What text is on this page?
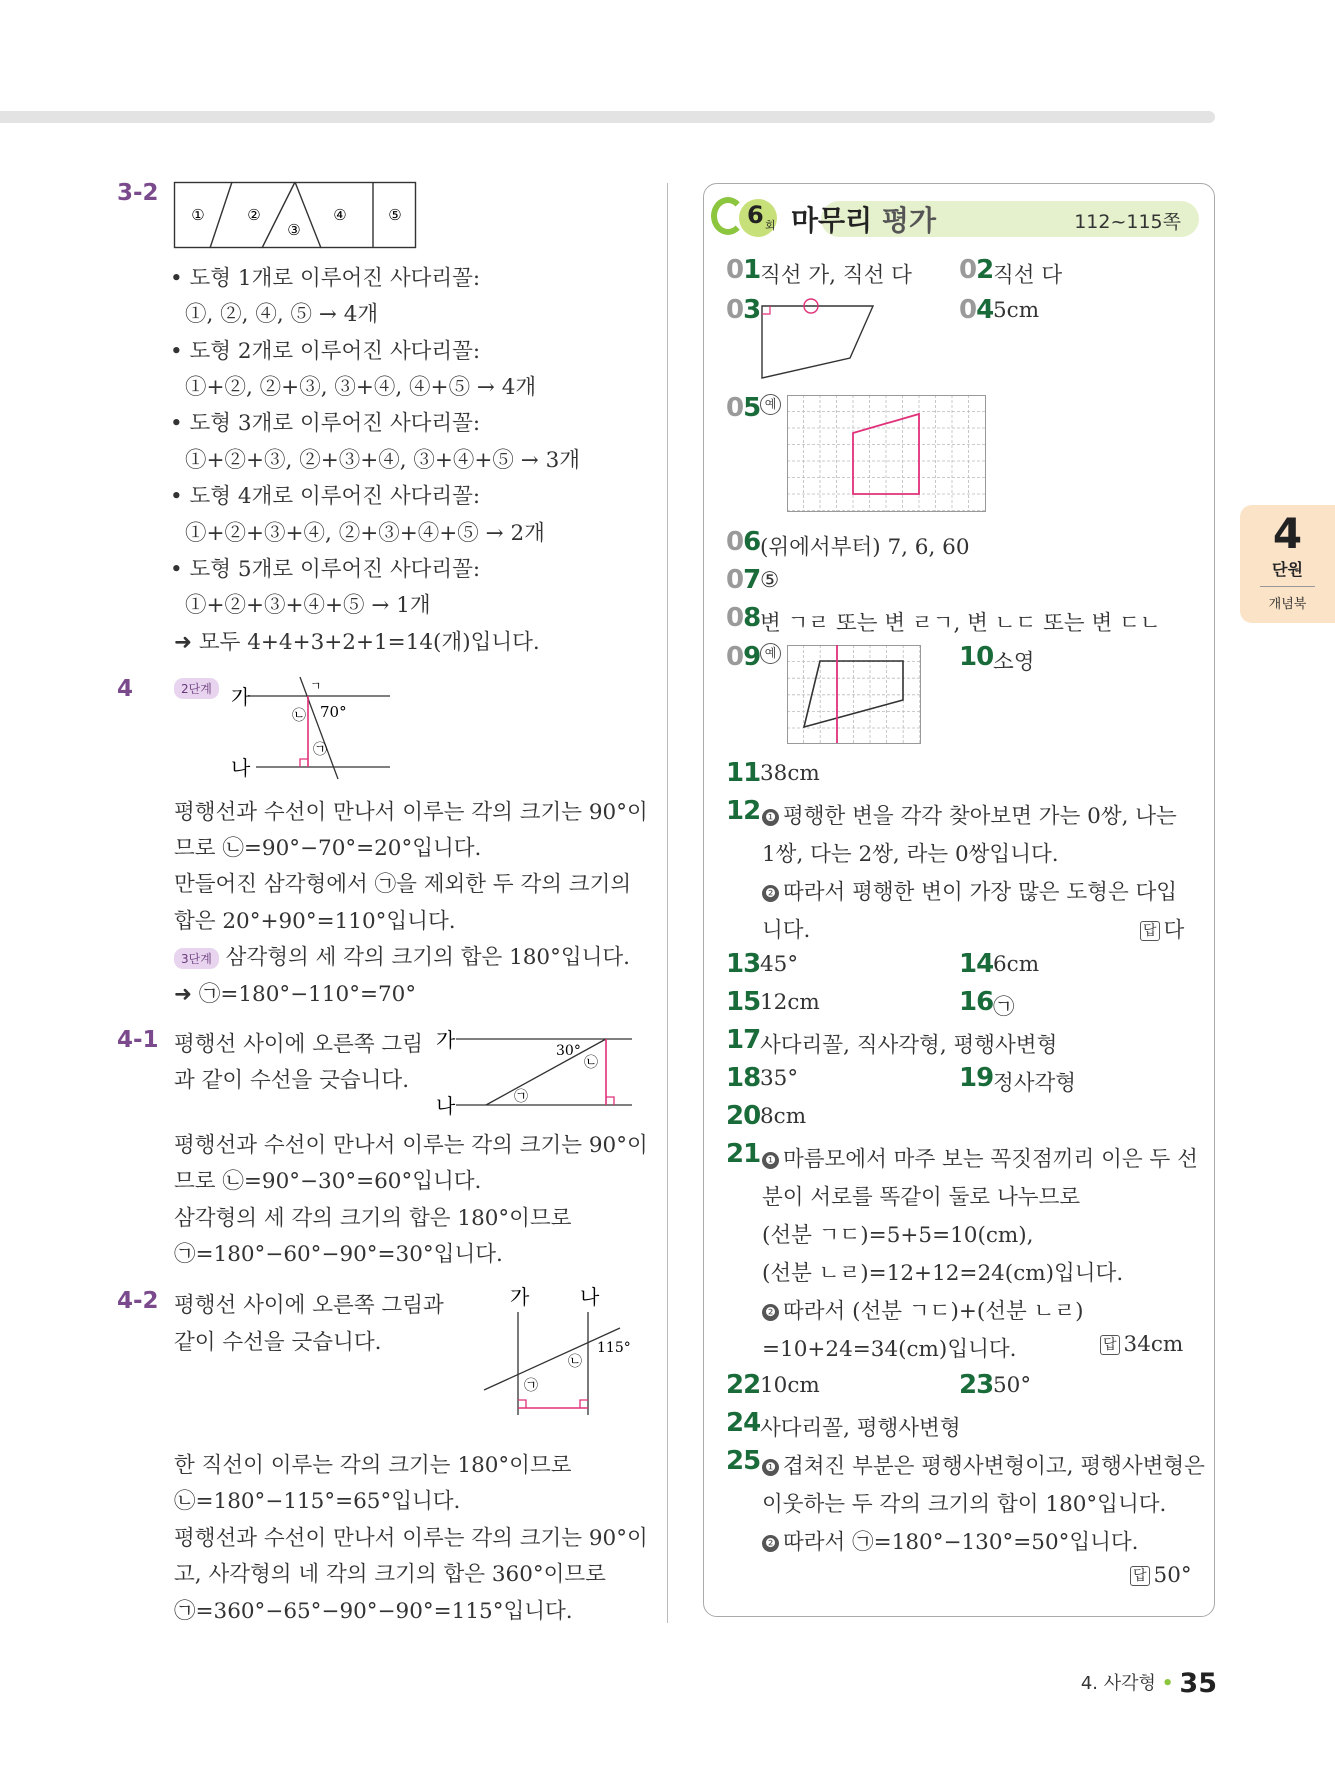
3-2
①	②
③
④	⑤
• 도형 1개로 이루어진 사다리꼴:
①, ②, ④, ⑤ → 4개
• 도형 2개로 이루어진 사다리꼴:
①+②, ②+③, ③+④, ④+⑤ → 4개
• 도형 3개로 이루어진 사다리꼴:
①+②+③, ②+③+④, ③+④+⑤ → 3개
• 도형 4개로 이루어진 사다리꼴:
①+②+③+④, ②+③+④+⑤ → 2개
• 도형 5개로 이루어진 사다리꼴:
①+②+③+④+⑤ → 1개
➜ 모두 4+4+3+2+1=14(개)입니다.
4	2단계 가
나
ㄱ
㉡ 70°
㉠
평행선과 수선이 만나서 이루는 각의 크기는 90°이
므로 ㉡=90°−70°=20°입니다.
만들어진 삼각형에서 ㉠을 제외한 두 각의 크기의
합은 20°+90°=110°입니다.
3단계 삼각형의 세 각의 크기의 합은 180°입니다.
➜ ㉠=180°−110°=70°
4-1 평행선 사이에 오른쪽 그림
과 같이 수선을 긋습니다.
가
나
30°
㉡
㉠
평행선과 수선이 만나서 이루는 각의 크기는 90°이
므로 ㉡=90°−30°=60°입니다.
삼각형의 세 각의 크기의 합은 180°이므로
㉠=180°−60°−90°=30°입니다.
4-2 평행선 사이에 오른쪽 그림과
같이 수선을 긋습니다.
가	나
115°
㉡
㉠
한 직선이 이루는 각의 크기는 180°이므로
㉡=180°−115°=65°입니다.
평행선과 수선이 만나서 이루는 각의 크기는 90°이
고, 사각형의 네 각의 크기의 합은 360°이므로
㉠=360°−65°−90°−90°=115°입니다.
6 회 마무리 평가	112~115쪽
01 직선 가, 직선 다 02 직선 다
03	04 5cm
05 예
06 (위에서부터) 7, 6, 60
07 ⑤
08 변 ㄱㄹ 또는 변 ㄹㄱ, 변 ㄴㄷ 또는 변 ㄷㄴ
09 예	10 소영
11 38cm
12 ❶ 평행한 변을 각각 찾아보면 가는 0쌍, 나는
1쌍, 다는 2쌍, 라는 0쌍입니다.
❷ 따라서 평행한 변이 가장 많은 도형은 다입
니다.	답 다
13 45°	14 6cm
15 12cm	16 ㉠
17 사다리꼴, 직사각형, 평행사변형
18 35°	19 정사각형
20 8cm
21 ❶ 마름모에서 마주 보는 꼭짓점끼리 이은 두 선
분이 서로를 똑같이 둘로 나누므로
(선분 ㄱㄷ)=5+5=10(cm),
(선분 ㄴㄹ)=12+12=24(cm)입니다.
❷ 따라서 (선분 ㄱㄷ)+(선분 ㄴㄹ)
=10+24=34(cm)입니다.	답 34cm
22 10cm	23 50°
24 사다리꼴, 평행사변형
25 ❶ 겹쳐진 부분은 평행사변형이고, 평행사변형은
이웃하는 두 각의 크기의 합이 180°입니다.
❷ 따라서 ㉠=180°−130°=50°입니다.
답 50°
4
단원
개념북
4. 사각형 • 35
